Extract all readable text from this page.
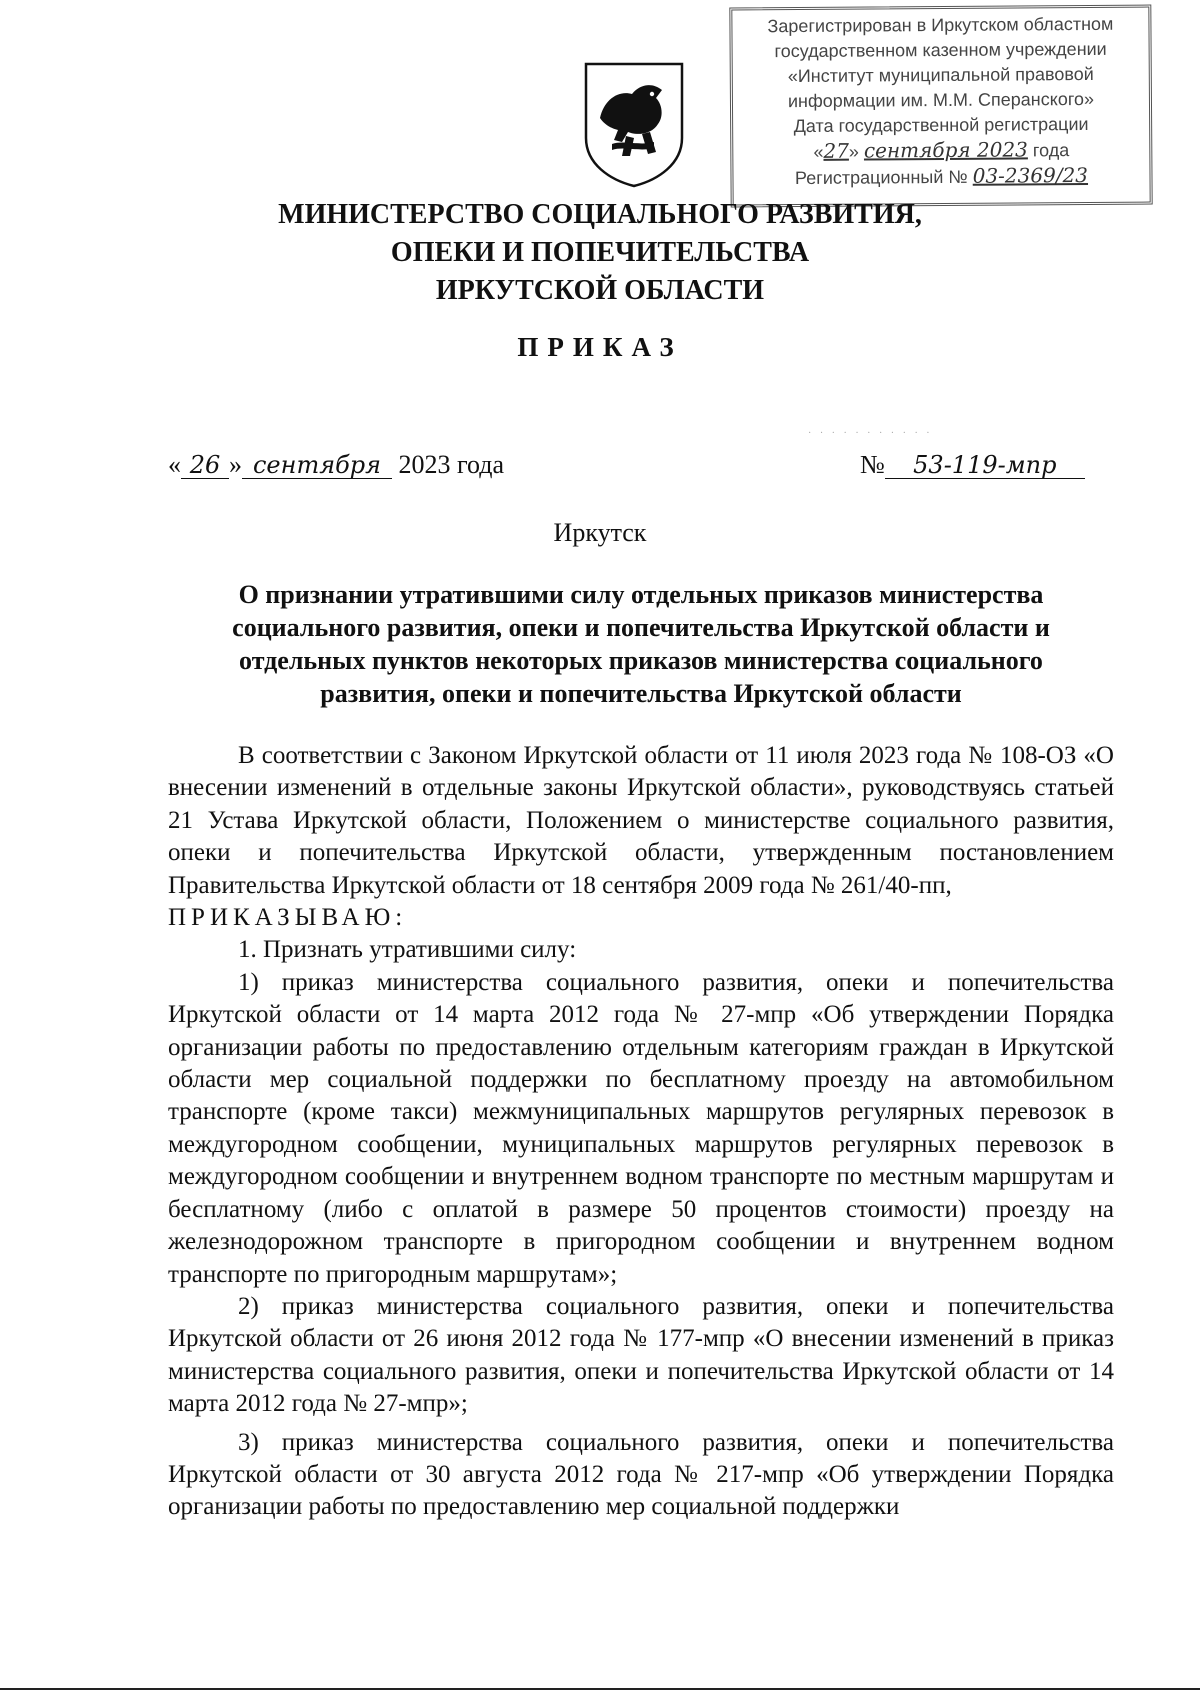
Зарегистрирован в Иркутском областном
государственном казенном учреждении
«Институт муниципальной правовой
информации им. М.М. Сперанского»
Дата государственной регистрации
«27» сентября 2023 года
Регистрационный № 03-2369/23
МИНИСТЕРСТВО СОЦИАЛЬНОГО РАЗВИТИЯ,
ОПЕКИ И ПОПЕЧИТЕЛЬСТВА
ИРКУТСКОЙ ОБЛАСТИ
ПРИКАЗ
· · · · · · · · · · ·
« 26 » сентября 2023 года	№ 53-119-мпр
Иркутск
О признании утратившими силу отдельных приказов министерства
социального развития, опеки и попечительства Иркутской области и
отдельных пунктов некоторых приказов министерства социального
развития, опеки и попечительства Иркутской области

В соответствии с Законом Иркутской области от 11 июля 2023 года № 108-ОЗ «О внесении изменений в отдельные законы Иркутской области», руководствуясь статьей 21 Устава Иркутской области, Положением о министерстве социального развития, опеки и попечительства Иркутской области, утвержденным постановлением Правительства Иркутской области от 18 сентября 2009 года № 261/40-пп,

ПРИКАЗЫВАЮ:

1. Признать утратившими силу:

1) приказ министерства социального развития, опеки и попечительства Иркутской области от 14 марта 2012 года № 27-мпр «Об утверждении Порядка организации работы по предоставлению отдельным категориям граждан в Иркутской области мер социальной поддержки по бесплатному проезду на автомобильном транспорте (кроме такси) межмуниципальных маршрутов регулярных перевозок в междугородном сообщении, муниципальных маршрутов регулярных перевозок в междугородном сообщении и внутреннем водном транспорте по местным маршрутам и бесплатному (либо с оплатой в размере 50 процентов стоимости) проезду на железнодорожном транспорте в пригородном сообщении и внутреннем водном транспорте по пригородным маршрутам»;

2) приказ министерства социального развития, опеки и попечительства Иркутской области от 26 июня 2012 года № 177-мпр «О внесении изменений в приказ министерства социального развития, опеки и попечительства Иркутской области от 14 марта 2012 года № 27-мпр»;

3) приказ министерства социального развития, опеки и попечительства Иркутской области от 30 августа 2012 года № 217-мпр «Об утверждении Порядка организации работы по предоставлению мер социальной поддержки
